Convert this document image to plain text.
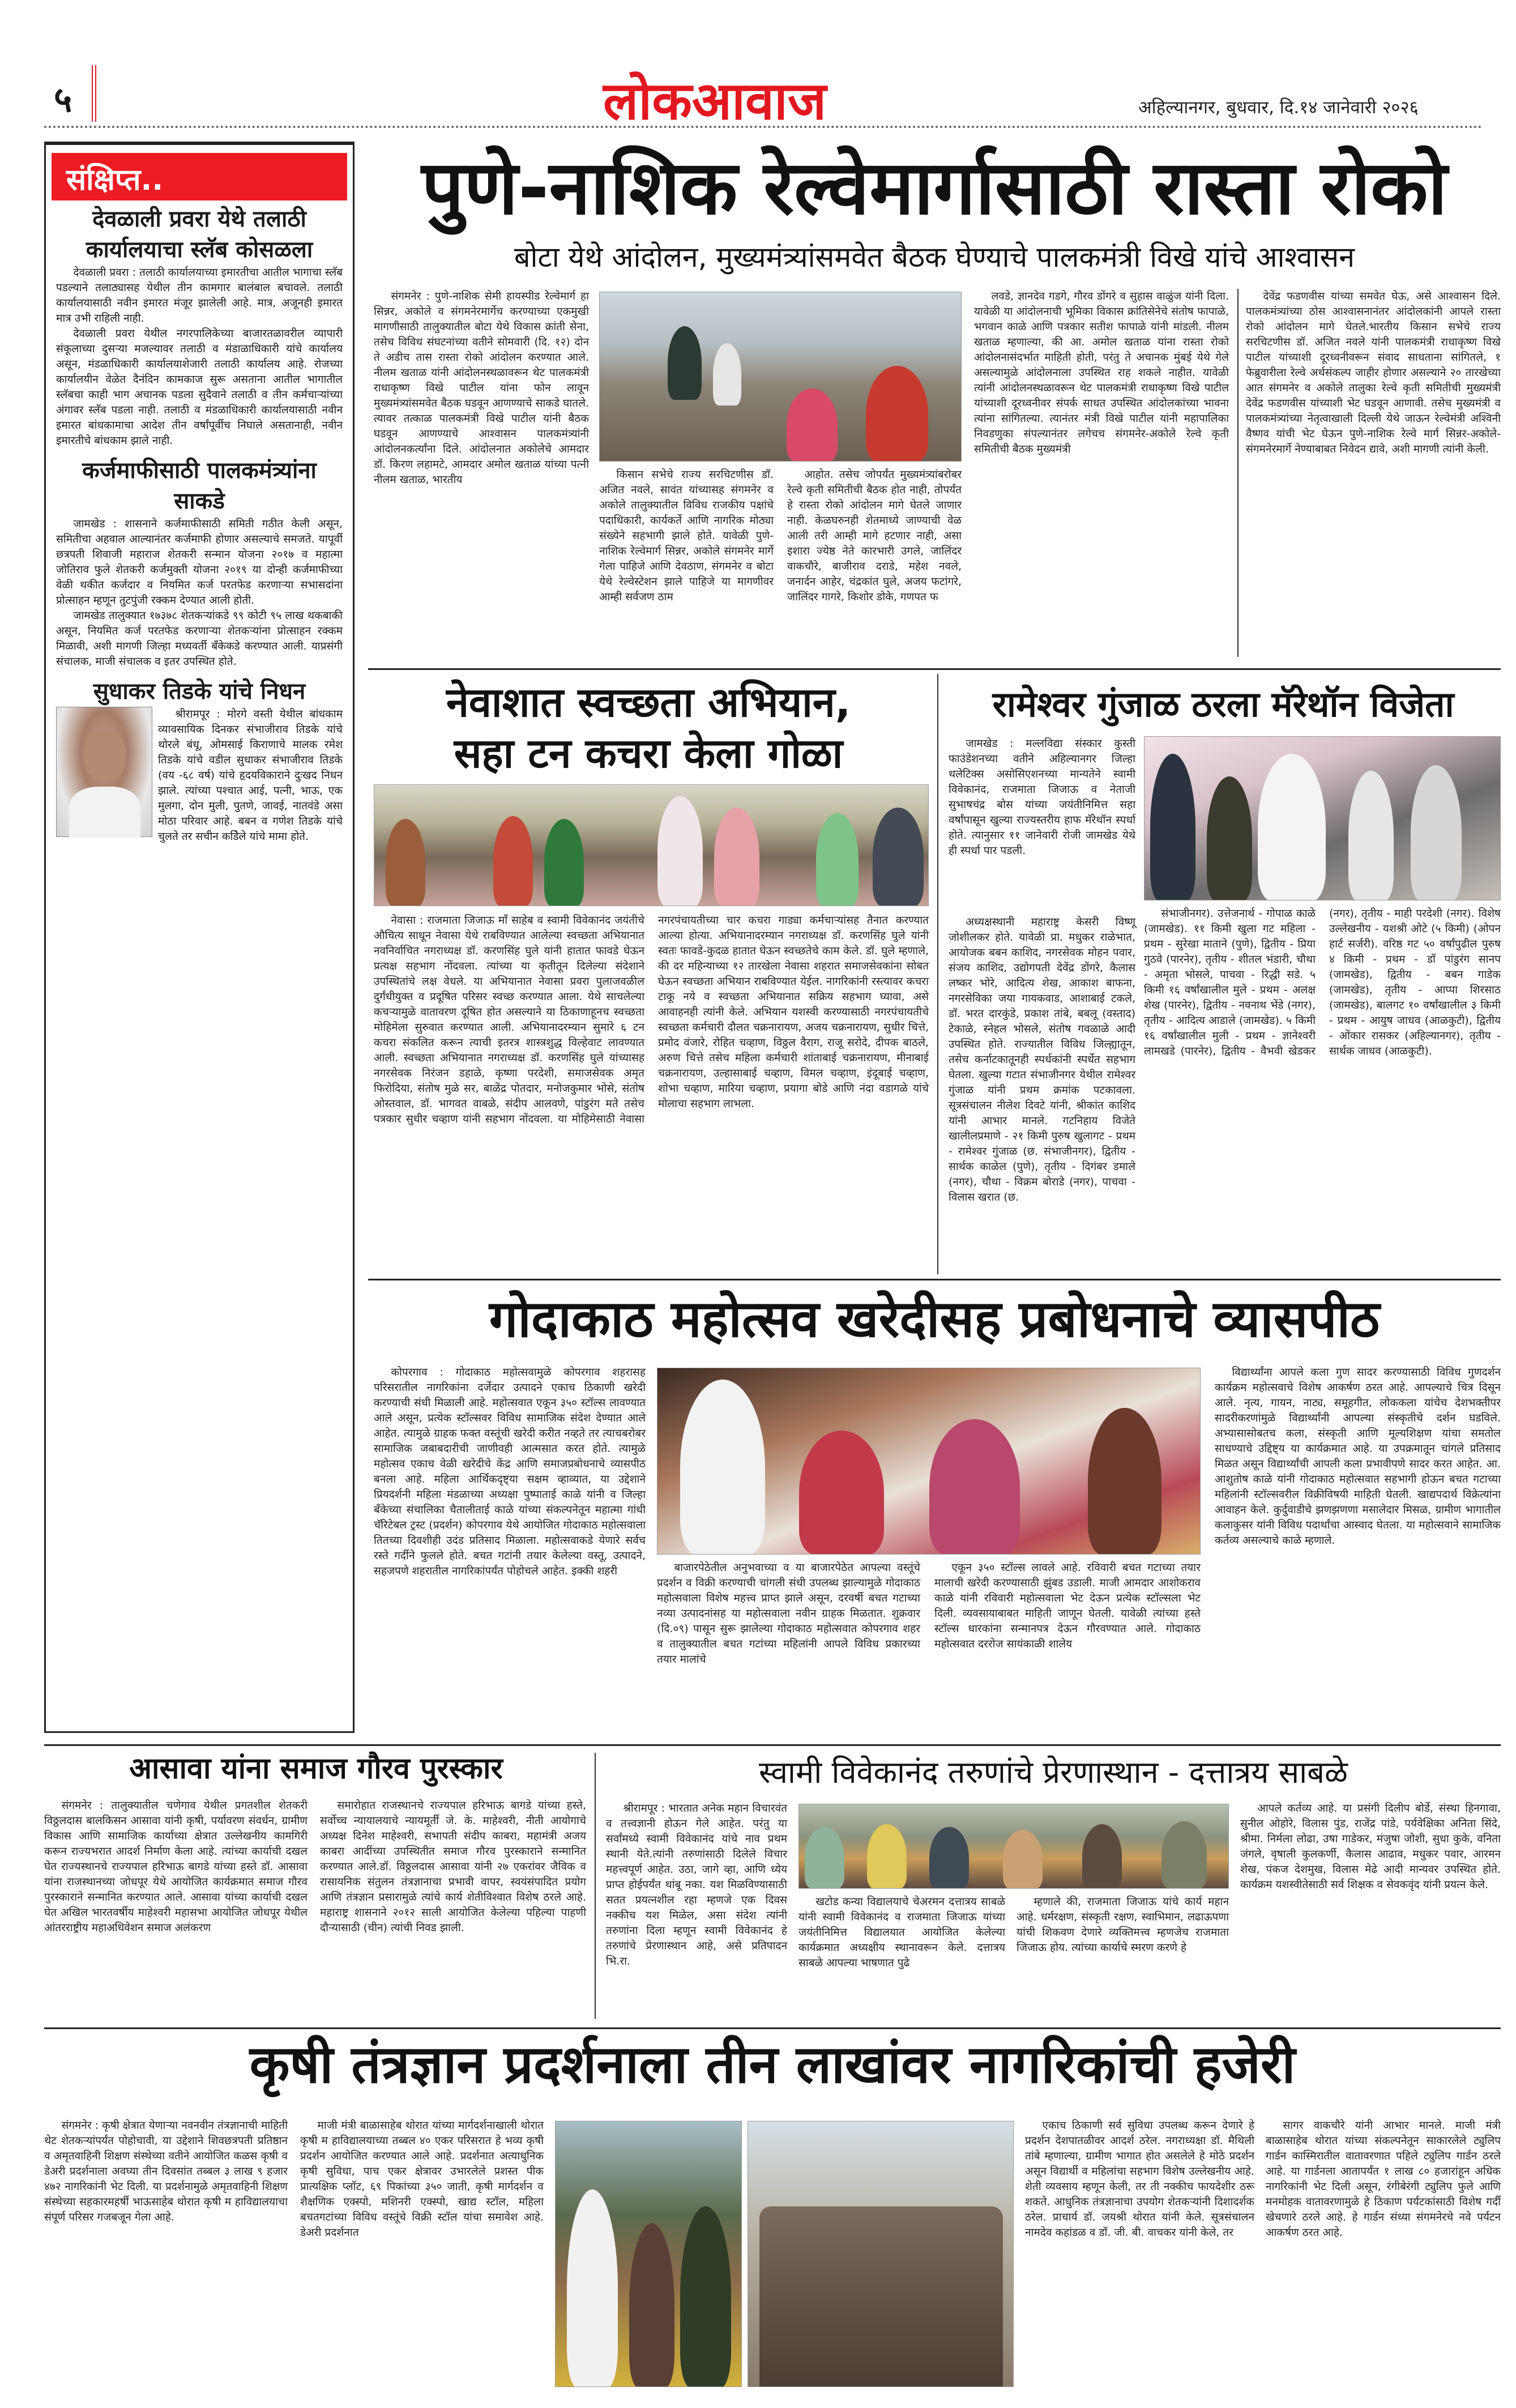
५	लोकआवाज	अहिल्यानगर, बुधवार, दि.१४ जानेवारी २०२६
संक्षिप्त..
देवळाली प्रवरा येथे तलाठी कार्यालयाचा स्लॅब कोसळला

देवळाली प्रवरा : तलाठी कार्यालयाच्या इमारतीचा आतील भागाचा स्लॅब पडल्याने तलाठ्यासह येथील तीन कामगार बालंबाल बचावले. तलाठी कार्यालयासाठी नवीन इमारत मंजूर झालेली आहे. मात्र, अजूनही इमारत मात्र उभी राहिली नाही.

देवळाली प्रवरा येथील नगरपालिकेच्या बाजारतळावरील व्यापारी संकूलाच्या दुसऱ्या मजल्यावर तलाठी व मंडाळाधिकारी यांचे कार्यालय असून, मंडळाधिकारी कार्यालयाशेजारी तलाठी कार्यालय आहे. रोजच्या कार्यालयीन वेळेत दैनंदिन कामकाज सुरू असताना आतील भागातील स्लॅबचा काही भाग अचानक पडला सुदैवाने तलाठी व तीन कर्मचाऱ्यांच्या अंगावर स्लॅब पडला नाही. तलाठी व मंडळाधिकारी कार्यालयासाठी नवीन इमारत बांधकामाचा आदेश तीन वर्षांपूर्वीच निघाले असतानाही, नवीन इमारतीचे बांधकाम झाले नाही.

कर्जमाफीसाठी पालकमंत्र्यांना साकडे

जामखेड : शासनाने कर्जमाफीसाठी समिती गठीत केली असून, समितीचा अहवाल आल्यानंतर कर्जमाफी होणार असल्याचे समजते. यापूर्वी छत्रपती शिवाजी महाराज शेतकरी सन्मान योजना २०१७ व महात्मा जोतिराव फुले शेतकरी कर्जमुक्ती योजना २०१९ या दोन्ही कर्जमाफीच्या वेळी थकीत कर्जदार व नियमित कर्ज परतफेड करणाऱ्या सभासदांना प्रोत्साहन म्हणून तुटपुंजी रक्कम देण्यात आली होती.

जामखेड तालुक्यात १७३७८ शेतकऱ्यांकडे ९९ कोटी ९५ लाख थकबाकी असून, नियमित कर्ज परतफेड करणाऱ्या शेतकऱ्यांना प्रोत्साहन रक्कम मिळावी, अशी मागणी जिल्हा मध्यवर्ती बँकेकडे करण्यात आली. याप्रसंगी संचालक, माजी संचालक व इतर उपस्थित होते.

सुधाकर तिडके यांचे निधन

श्रीरामपूर : मोरगे वस्ती येथील बांधकाम व्यावसायिक दिनकर संभाजीराव तिडके यांचे थोरले बंधू, ओमसाई किराणाचे मालक रमेश तिडके यांचे वडील सुधाकर संभाजीराव तिडके (वय -६८ वर्ष) यांचे हृदयविकाराने दुःखद निधन झाले. त्यांच्या पश्चात आई, पत्नी, भाऊ, एक मुलगा, दोन मुली, पुतणे, जावई, नातवंडे असा मोठा परिवार आहे. बबन व गणेश तिडके यांचे चुलते तर सचीन कडेिले यांचे मामा होते.

पुणे-नाशिक रेल्वेमार्गासाठी रास्ता रोको
बोटा येथे आंदोलन, मुख्यमंत्र्यांसमवेत बैठक घेण्याचे पालकमंत्री विखे यांचे आश्वासन

संगमनेर : पुणे-नाशिक सेमी हायस्पीड रेल्वेमार्ग हा सिन्नर, अकोले व संगमनेरमार्गेच करण्याच्या एकमुखी मागणीसाठी तालुक्यातील बोटा येथे विकास क्रांती सेना, तसेच विविध संघटनांच्या वतीने सोमवारी (दि. १२) दोन ते अडीच तास रास्ता रोको आंदोलन करण्यात आले. नीलम खताळ यांनी आंदोलनस्थळावरून थेट पालकमंत्री राधाकृष्ण विखे पाटील यांना फोन लावून मुख्यमंत्र्यांसमवेत बैठक घडवून आणण्याचे साकडे घातले. त्यावर तत्काळ पालकमंत्री विखे पाटील यांनी बैठक घडवून आणण्याचे आश्वासन पालकमंत्र्यांनी आंदोलनकर्त्यांना दिले. आंदोलनात अकोलेचे आमदार डॉ. किरण लहामटे, आमदार अमोल खताळ यांच्या पत्नी नीलम खताळ, भारतीय	किसान सभेचे राज्य सरचिटणीस डॉ. अजित नवले, सावंत यांच्यासह संगमनेर व अकोले तालुक्यातील विविध राजकीय पक्षांचे पदाधिकारी, कार्यकर्ते आणि नागरिक मोठ्या संख्येने सहभागी झाले होते. यावेळी पुणे-नाशिक रेल्वेमार्ग सिन्नर, अकोले संगमनेर मार्गे गेला पाहिजे आणि देवठाण, संगमनेर व बोटा येथे रेल्वेस्टेशन झाले पाहिजे या मागणीवर आम्ही सर्वजण ठाम

आहोत. तसेच जोपर्यंत मुख्यमंत्र्यांबरोबर रेल्वे कृती समितीची बैठक होत नाही, तोपर्यंत हे रास्ता रोको आंदोलन मागे घेतले जाणार नाही. केळघरुनही शेतमाध्ये जाण्याची वेळ आली तरी आम्ही मागे हटणार नाही, असा इशारा ज्येष्ठ नेते कारभारी उगले, जालिंदर वाकचौरे, बाजीराव दराडे, महेश नवले, जनार्दन आहेर, चंद्रकांत घुले, अजय फटांगरे, जालिंदर गागरे, किशोर डोके, गणपत फ

लवडे, ज्ञानदेव गडगे, गौरव डोंगरे व सुहास वाळुंज यांनी दिला. यावेळी या आंदोलनाची भूमिका विकास क्रांतिसेनेचे संतोष फापाळे, भगवान काळे आणि पत्रकार सतीश फापाळे यांनी मांडली. नीलम खताळ म्हणाल्या, की आ. अमोल खताळ यांना रास्ता रोको आंदोलनासंदर्भात माहिती होती, परंतु ते अचानक मुंबई येथे गेले असल्यामुळे आंदोलनाला उपस्थित राह शकले नाहीत. यावेळी त्यांनी आंदोलनस्थळावरून थेट पालकमंत्री राधाकृष्ण विखे पाटील यांच्याशी दूरध्वनीवर संपर्क साधत उपस्थित आंदोलकांच्या भावना त्यांना सांगितल्या. त्यानंतर मंत्री विखे पाटील यांनी महापालिका निवडणुका संपल्यानंतर लगेचच संगमनेर-अकोले रेल्वे कृती समितीची बैठक मुख्यमंत्री

देवेंद्र फडणवीस यांच्या समवेत घेऊ, असे आश्वासन दिले. पालकमंत्र्यांच्या ठोस आश्वासनानंतर आंदोलकांनी आपले रास्ता रोको आंदोलन मागे घेतले.भारतीय किसान सभेचे राज्य सरचिटणीस डॉ. अजित नवले यांनी पालकमंत्री राधाकृष्ण विखे पाटील यांच्याशी दूरध्वनीवरून संवाद साधताना सांगितले, १ फेब्रुवारीला रेल्वे अर्थसंकल्प जाहीर होणार असल्याने २० तारखेच्या आत संगमनेर व अकोले तालुका रेल्वे कृती समितीची मुख्यमंत्री देवेंद्र फडणवीस यांच्याशी भेट घडवून आणावी. तसेच मुख्यमंत्री व पालकमंत्र्यांच्या नेतृत्वाखाली दिल्ली येथे जाऊन रेल्वेमंत्री अश्विनी वैष्णव यांची भेट घेऊन पुणे-नाशिक रेल्वे मार्ग सिन्नर-अकोले-संगमनेरमार्गे नेण्याबाबत निवेदन द्यावे, अशी मागणी त्यांनी केली.

नेवाशात स्वच्छता अभियान,
सहा टन कचरा केला गोळा

नेवासा : राजमाता जिजाऊ माँ साहेब व स्वामी विवेकानंद जयंतीचे औचित्य साधून नेवासा येथे राबविण्यात आलेल्या स्वच्छता अभियानात नवनिर्वाचित नगराध्यक्ष डॉ. करणसिंह घुले यांनी हातात फावडे घेऊन प्रत्यक्ष सहभाग नोंदवला. त्यांच्या या कृतीतून दिलेल्या संदेशाने उपस्थितांचे लक्ष वेधले. या अभियानात नेवासा प्रवरा पुलाजवळील दुर्गंधीयुक्त व प्रदूषित परिसर स्वच्छ करण्यात आला. येथे साचलेल्या कचऱ्यामुळे वातावरण दूषित होत असल्याने या ठिकाणाहूनच स्वच्छता मोहिमेला सुरुवात करण्यात आली. अभियानादरम्यान सुमारे ६ टन कचरा संकलित करून त्याची इतरत्र शास्त्रशुद्ध विल्हेवाट लावण्यात आली. स्वच्छता अभियानात नगराध्यक्ष डॉ. करणसिंह घुले यांच्यासह नगरसेवक निरंजन डहाळे, कृष्णा परदेशी, समाजसेवक अमृत फिरोदिया, संतोष मुळे सर, बाळेंद्र पोतदार, मनोजकुमार भोसे, संतोष ओस्तवाल, डॉ. भागवत वाबळे, संदीप आलवणे, पांडुरंग मते तसेच पत्रकार सुधीर चव्हाण यांनी सहभाग नोंदवला. या मोहिमेसाठी नेवासा नगरपंचायतीच्या चार कचरा गाड्या कर्मचाऱ्यांसह तैनात करण्यात आल्या होत्या. अभियानादरम्यान नगराध्यक्ष डॉ. करणसिंह घुले यांनी स्वतः फावडे-कुदळ हातात घेऊन स्वच्छतेचे काम केले. डॉ. घुले म्हणाले, की दर महिन्याच्या १२ तारखेला नेवासा शहरात समाजसेवकांना सोबत घेऊन स्वच्छता अभियान राबविण्यात येईल. नागरिकांनी रस्त्यावर कचरा टाकू नये व स्वच्छता अभियानात सक्रिय सहभाग घ्यावा, असे आवाहनही त्यांनी केले. अभियान यशस्वी करण्यासाठी नगरपंचायतीचे स्वच्छता कर्मचारी दौलत चक्रनारायण, अजय चक्रनारायण, सुधीर चित्ते, प्रमोद वंजारे, रोहित चव्हाण, विठ्ठल वैराग, राजू सरोदे, दीपक बाठले, अरुण चित्ते तसेच महिला कर्मचारी शांताबाई चक्रनारायण, मीनाबाई चक्रनारायण, उल्हासाबाई चव्हाण, विमल चव्हाण, इंदूबाई चव्हाण, शोभा चव्हाण, मारिया चव्हाण, प्रयागा बोडे आणि नंदा वडागळे यांचे मोलाचा सहभाग लाभला.

रामेश्वर गुंजाळ ठरला मॅरेथॉन विजेता

जामखेड : मल्लविद्या संस्कार कुस्ती फाउंडेशनच्या वतीने अहिल्यानगर जिल्हा थलेटिक्स असोसिएशनच्या मान्यतेने स्वामी विवेकानंद, राजमाता जिजाऊ व नेताजी सुभाषचंद्र बोस यांच्या जयंतीनिमित्त सहा वर्षांपासून खुल्या राज्यस्तरीय हाफ मॅरेथॉन स्पर्धा होते. त्यानुसार ११ जानेवारी रोजी जामखेड येथे ही स्पर्धा पार पडली.

अध्यक्षस्थानी महाराष्ट्र केसरी विष्णू जोशीलकर होते. यावेळी प्रा. मधुकर राळेभात, आयोजक बबन काशिद, नगरसेवक मोहन पवार, संजय काशिद, उद्योगपती देवेंद्र डोंगरे, कैलास लष्कर भोरे, आदित्य शेख, आकाश बाफना, नगरसेविका जया गायकवाड, आशाबाई टकले, डॉ. भरत दारकुंडे, प्रकाश तांबे, बबलू (वस्ताद) टेकाळे, स्नेहल भोसले, संतोष गवळाळे आदी उपस्थित होते. राज्यातील विविध जिल्ह्यातून, तसेच कर्नाटकातूनही स्पर्धकांनी स्पर्धेत सहभाग घेतला. खुल्या गटात संभाजीनगर येथील रामेश्वर गुंजाळ यांनी प्रथम क्रमांक पटकावला. सूत्रसंचालन नीलेश दिवटे यांनी, श्रीकांत काशिद यांनी आभार मानले. गटनिहाय विजेते खालीलप्रमाणे - २१ किमी पुरुष खुलागट - प्रथम - रामेश्वर गुंजाळ (छ. संभाजीनगर), द्वितीय - सार्थक काळेल (पुणे), तृतीय - दिगंबर डमाले (नगर), चौथा - विक्रम बोराडे (नगर), पाचवा - विलास खरात (छ.

संभाजीनगर). उत्तेजनार्थ - गोपाळ काळे (जामखेड). ११ किमी खुला गट महिला - प्रथम - सुरेखा माताने (पुणे), द्वितीय - प्रिया गुठवे (पारनेर), तृतीय - शीतल भंडारी, चौथा - अमृता भोसले, पाचवा - रिद्धी सडे. ५ किमी १६ वर्षांखालील मुले - प्रथम - अलक्ष शेख (पारनेर), द्वितीय - नवनाथ भेंडे (नगर), तृतीय - आदित्य आडाले (जामखेड). ५ किमी १६ वर्षांखालील मुली - प्रथम - ज्ञानेश्वरी लामखडे (पारनेर), द्वितीय - वैभवी खेडकर (नगर), तृतीय - माही परदेशी (नगर). विशेष उल्लेखनीय - यशश्री ओटे (५ किमी) (ओपन हार्ट सर्जरी). वरिष्ठ गट ५० वर्षांपुढील पुरुष ४ किमी - प्रथम - डॉ पांडुरंग सानप (जामखेड), द्वितीय - बबन गाडेक (जामखेड), तृतीय - आप्पा शिरसाठ (जामखेड), बालगट १० वर्षांखालील ३ किमी - प्रथम - आयुष जाधव (आळकुटी), द्वितीय - ओंकार रासकर (अहिल्यानगर), तृतीय - सार्थक जाधव (आळकुटी).

गोदाकाठ महोत्सव खरेदीसह प्रबोधनाचे व्यासपीठ

कोपरगाव : गोदाकाठ महोत्सवामुळे कोपरगाव शहरासह परिसरातील नागरिकांना दर्जेदार उत्पादने एकाच ठिकाणी खरेदी करण्याची संधी मिळाली आहे. महोत्सवात एकून ३५० स्टॉल्स लावण्यात आले असून, प्रत्येक स्टॉल्सवर विविध सामाजिक संदेश देण्यात आले आहेत. त्यामुळे ग्राहक फक्त वस्तूंची खरेदी करीत नव्हते तर त्याचबरोबर सामाजिक जबाबदारीची जाणीवही आत्मसात करत होते. त्यामुळे महोत्सव एकाच वेळी खरेदीचे केंद्र आणि समाजप्रबोधनाचे व्यासपीठ बनला आहे. महिला आर्थिकदृष्ट्या सक्षम व्हाव्यात, या उद्देशाने प्रियदर्शनी महिला मंडळाच्या अध्यक्षा पुष्पाताई काळे यांनी व जिल्हा बँकेच्या संचालिका चैतालीताई काळे यांच्या संकल्पनेतून महात्मा गांधी चॅरिटेबल ट्रस्ट (प्रदर्शन) कोपरगाव येथे आयोजित गोदाकाठ महोत्सवाला तितच्या दिवशीही उदंड प्रतिसाद मिळाला. महोत्सवाकडे येणारे सर्वच रस्ते गर्दीने फुलले होते. बचत गटांनी तयार केलेल्या वस्तू, उत्पादने, सहजपणे शहरातील नागरिकांपर्यंत पोहोचले आहेत. इक्की शहरी	बाजारपेठेतील अनुभवाच्या व या बाजारपेठेत आपल्या वस्तूंचे प्रदर्शन व विक्री करण्याची चांगली संधी उपलब्ध झाल्यामुळे गोदाकाठ महोत्सवाला विशेष महत्त्व प्राप्त झाले असून, दरवर्षी बचत गटाच्या नव्या उत्पादनांसह या महोत्सवाला नवीन ग्राहक मिळतात. शुक्रवार (दि.०९) पासून सुरू झालेल्या गोदाकाठ महोत्सवात कोपरगाव शहर व तालुक्यातील बचत गटांच्या महिलांनी आपले विविध प्रकारच्या तयार मालांचे

एकून ३५० स्टॉल्स लावले आहे. रविवारी बचत गटाच्या तयार मालाची खरेदी करण्यासाठी झुंबड उडाली. माजी आमदार आशोकराव काळे यांनी रविवारी महोत्सवाला भेट देऊन प्रत्येक स्टॉल्सला भेट दिली. व्यवसायाबाबत माहिती जाणून घेतली. यावेळी त्यांच्या हस्ते स्टॉल्स धारकांना सन्मानपत्र देऊन गौरवण्यात आले. गोदाकाठ महोत्सवात दररोज सायंकाळी शालेय

विद्यार्थ्यांना आपले कला गुण सादर करण्यासाठी विविध गुणदर्शन कार्यक्रम महोत्सवाचे विशेष आकर्षण ठरत आहे. आपल्याचे चित्र दिसून आले. नृत्य, गायन, नाट्य, समूहगीत, लोककला यांचेच देशभक्तीपर सादरीकरणांमुळे विद्यार्थ्यांनी आपल्या संस्कृतीचे दर्शन घडविले. अभ्यासासोबतच कला, संस्कृती आणि मूल्यशिक्षण यांचा समतोल साधण्याचे उद्दिष्ट्य या कार्यक्रमात आहे. या उपक्रमातून चांगले प्रतिसाद मिळत असून विद्यार्थ्यांची आपली कला प्रभावीपणे सादर करत आहेत. आ. आशुतोष काळे यांनी गोदाकाठ महोत्सवात सहभागी होऊन बचत गटाच्या महिलांनी स्टॉल्सवरील विक्रीविषयी माहिती घेतली. खाद्यपदार्थ विक्रेत्यांना आवाहन केले. कुर्दुवाडीचे झणझणणा मसालेदार मिसळ, ग्रामीण भागातील कलाकुसर यांनी विविध पदार्थांचा आस्वाद घेतला. या महोत्सवाने सामाजिक कर्तव्य असल्याचे काळे म्हणाले.

आसावा यांना समाज गौरव पुरस्कार

संगमनेर : तालुक्यातील चणेगाव येथील प्रगतशील शेतकरी विठ्ठलदास बालकिसन आसावा यांनी कृषी, पर्यावरण संवर्धन, ग्रामीण विकास आणि सामाजिक कार्याच्या क्षेत्रात उल्लेखनीय कामगिरी करून राज्यभरात आदर्श निर्माण केला आहे. त्यांच्या कार्याची दखल घेत राज्यस्थानचे राज्यपाल हरिभाऊ बागडे यांच्या हस्ते डॉ. आसावा यांना राजस्थानच्या जोधपूर येथे आयोजित कार्यक्रमात समाज गौरव पुरस्काराने सन्मानित करण्यात आले. आसावा यांच्या कार्याची दखल घेत अखिल भारतवर्षीय माहेश्वरी महासभा आयोजित जोधपूर येथील आंतरराष्ट्रीय महाअधिवेशन समाज अलंकरण

समारोहात राजस्थानचे राज्यपाल हरिभाऊ बागडे यांच्या हस्ते, सर्वोच्च न्यायालयाचे न्यायमूर्ती जे. के. माहेश्वरी, नीती आयोगाचे अध्यक्ष दिनेश माहेश्वरी, सभापती संदीप काबरा, महामंत्री अजय काबरा आदींच्या उपस्थितीत समाज गौरव पुरस्काराने सन्मानित करण्यात आले.डॉ. विठ्ठलदास आसावा यांनी २७ एकरांवर जैविक व रासायनिक संतुलन तंत्रज्ञानाचा प्रभावी वापर, स्वयंसंपादित प्रयोग आणि तंत्रज्ञान प्रसारामुळे त्यांचे कार्य शेतीविश्वात विशेष ठरले आहे. महाराष्ट्र शासनाने २०१२ साली आयोजित केलेल्या पहिल्या पाहणी दौऱ्यासाठी (चीन) त्यांची निवड झाली.

स्वामी विवेकानंद तरुणांचे प्रेरणास्थान - दत्तात्रय साबळे

श्रीरामपूर : भारतात अनेक महान विचारवंत व तत्त्वज्ञानी होऊन गेले आहेत. परंतु या सर्वांमध्ये स्वामी विवेकानंद यांचे नाव प्रथम स्थानी येते.त्यांनी तरुणांसाठी दिलेले विचार महत्त्वपूर्ण आहेत. उठा, जागे व्हा, आणि ध्येय प्राप्त होईपर्यंत थांबू नका. यश मिळविण्यासाठी सतत प्रयत्नशील रहा म्हणजे एक दिवस नक्कीच यश मिळेल, असा संदेश त्यांनी तरुणांना दिला म्हणून स्वामी विवेकानंद हे तरुणांचे प्रेरणास्थान आहे, असे प्रतिपादन भि.रा.

खटोड कन्या विद्यालयाचे चेअरमन दत्तात्रय साबळे यांनी स्वामी विवेकानंद व राजमाता जिजाऊ यांच्या जयंतीनिमित्त विद्यालयात आयोजित केलेल्या कार्यक्रमात अध्यक्षीय स्थानावरून केले. दत्तात्रय साबळे आपल्या भाषणात पुढे

म्हणाले की, राजमाता जिजाऊ यांचे कार्य महान आहे. धर्मरक्षण, संस्कृती रक्षण, स्वाभिमान, लढाऊपणा यांची शिकवण देणारे व्यक्तिमत्त्व म्हणजेच राजमाता जिजाऊ होय. त्यांच्या कार्याचे स्मरण करणे हे

आपले कर्तव्य आहे. या प्रसंगी दिलीप बोर्डे, संस्था हिनगावा, सुनील ओहोरे, विलास पुंड, राजेंद्र पांडे, पर्यवेक्षिका अनिता सिंदे, श्रीमा. निर्मला लोढा, उषा गाडेकर, मंजुषा जोशी, सुधा कुके, वनिता जंगले, वृषाली कुलकर्णी, कैलास आढाव, मधुकर पवार, आरमन शेख, पंकज देशमुख, विलास मेढे आदी मान्यवर उपस्थित होते. कार्यक्रम यशस्वीतेसाठी सर्व शिक्षक व सेवकवृंद यांनी प्रयत्न केले.

कृषी तंत्रज्ञान प्रदर्शनाला तीन लाखांवर नागरिकांची हजेरी

संगमनेर : कृषी क्षेत्रात येणाऱ्या नवनवीन तंत्रज्ञानाची माहिती थेट शेतकऱ्यांपर्यंत पोहोचावी, या उद्देशाने शिवछत्रपती प्रतिष्ठान व अमृतवाहिनी शिक्षण संस्थेच्या वतीने आयोजित कळस कृषी व डेअरी प्रदर्शनाला अवघ्या तीन दिवसांत तब्बल ३ लाख ९ हजार ४७२ नागरिकांनी भेट दिली. या प्रदर्शनामुळे अमृतवाहिनी शिक्षण संस्थेच्या सहकारमहर्षी भाऊसाहेब थोरात कृषी म हाविद्यालयाचा संपूर्ण परिसर गजबजून गेला आहे.

माजी मंत्री बाळासाहेब थोरात यांच्या मार्गदर्शनाखाली थोरात कृषी म हाविद्यालयाच्या तब्बल ४० एकर परिसरात हे भव्य कृषी प्रदर्शन आयोजित करण्यात आले आहे. प्रदर्शनात अत्याधुनिक कृषी सुविधा, पाच एकर क्षेत्रावर उभारलेले प्रशस्त पीक प्रात्यक्षिक प्लॉट, ६९ पिकांच्या ३५० जाती, कृषी मार्गदर्शन व शैक्षणिक एक्स्पो, मशिनरी एक्स्पो, खाद्य स्टॉल, महिला बचतगटांच्या विविध वस्तूंचे विक्री स्टॉल यांचा समावेश आहे. डेअरी प्रदर्शनात

एकाच ठिकाणी सर्व सुविधा उपलब्ध करून देणारे हे प्रदर्शन देशपातळीवर आदर्श ठरेल. नगराध्यक्षा डॉ. मैथिली तांबे म्हणाल्या, ग्रामीण भागात होत असलेले हे मोठे प्रदर्शन असून विद्यार्थी व महिलांचा सहभाग विशेष उल्लेखनीय आहे. शेती व्यवसाय म्हणून केली, तर ती नक्कीच फायदेशीर ठरू शकते. आधुनिक तंत्रज्ञानाचा उपयोग शेतकऱ्यांनी दिशादर्शक ठरेल. प्राचार्य डॉ. जयश्री थोरात यांनी केले. सूत्रसंचालन नामदेव कहांडळ व डॉ. जी. बी. वाचकर यांनी केले, तर

सागर वाकचौरे यांनी आभार मानले. माजी मंत्री बाळासाहेब थोरात यांच्या संकल्पनेतून साकारलेले ट्युलिप गार्डन कास्मिरातील वातावरणात पहिले ट्युलिप गार्डन ठरले आहे. या गार्डनला आतापर्यंत १ लाख ८० हजारांहून अधिक नागरिकांनी भेट दिली असून, रंगीबेरंगी ट्युलिप फुले आणि मनमोहक वातावरणामुळे हे ठिकाण पर्यटकांसाठी विशेष गर्दी खेचणारे ठरले आहे. हे गार्डन संध्या संगमनेरचे नवे पर्यटन आकर्षण ठरत आहे.
